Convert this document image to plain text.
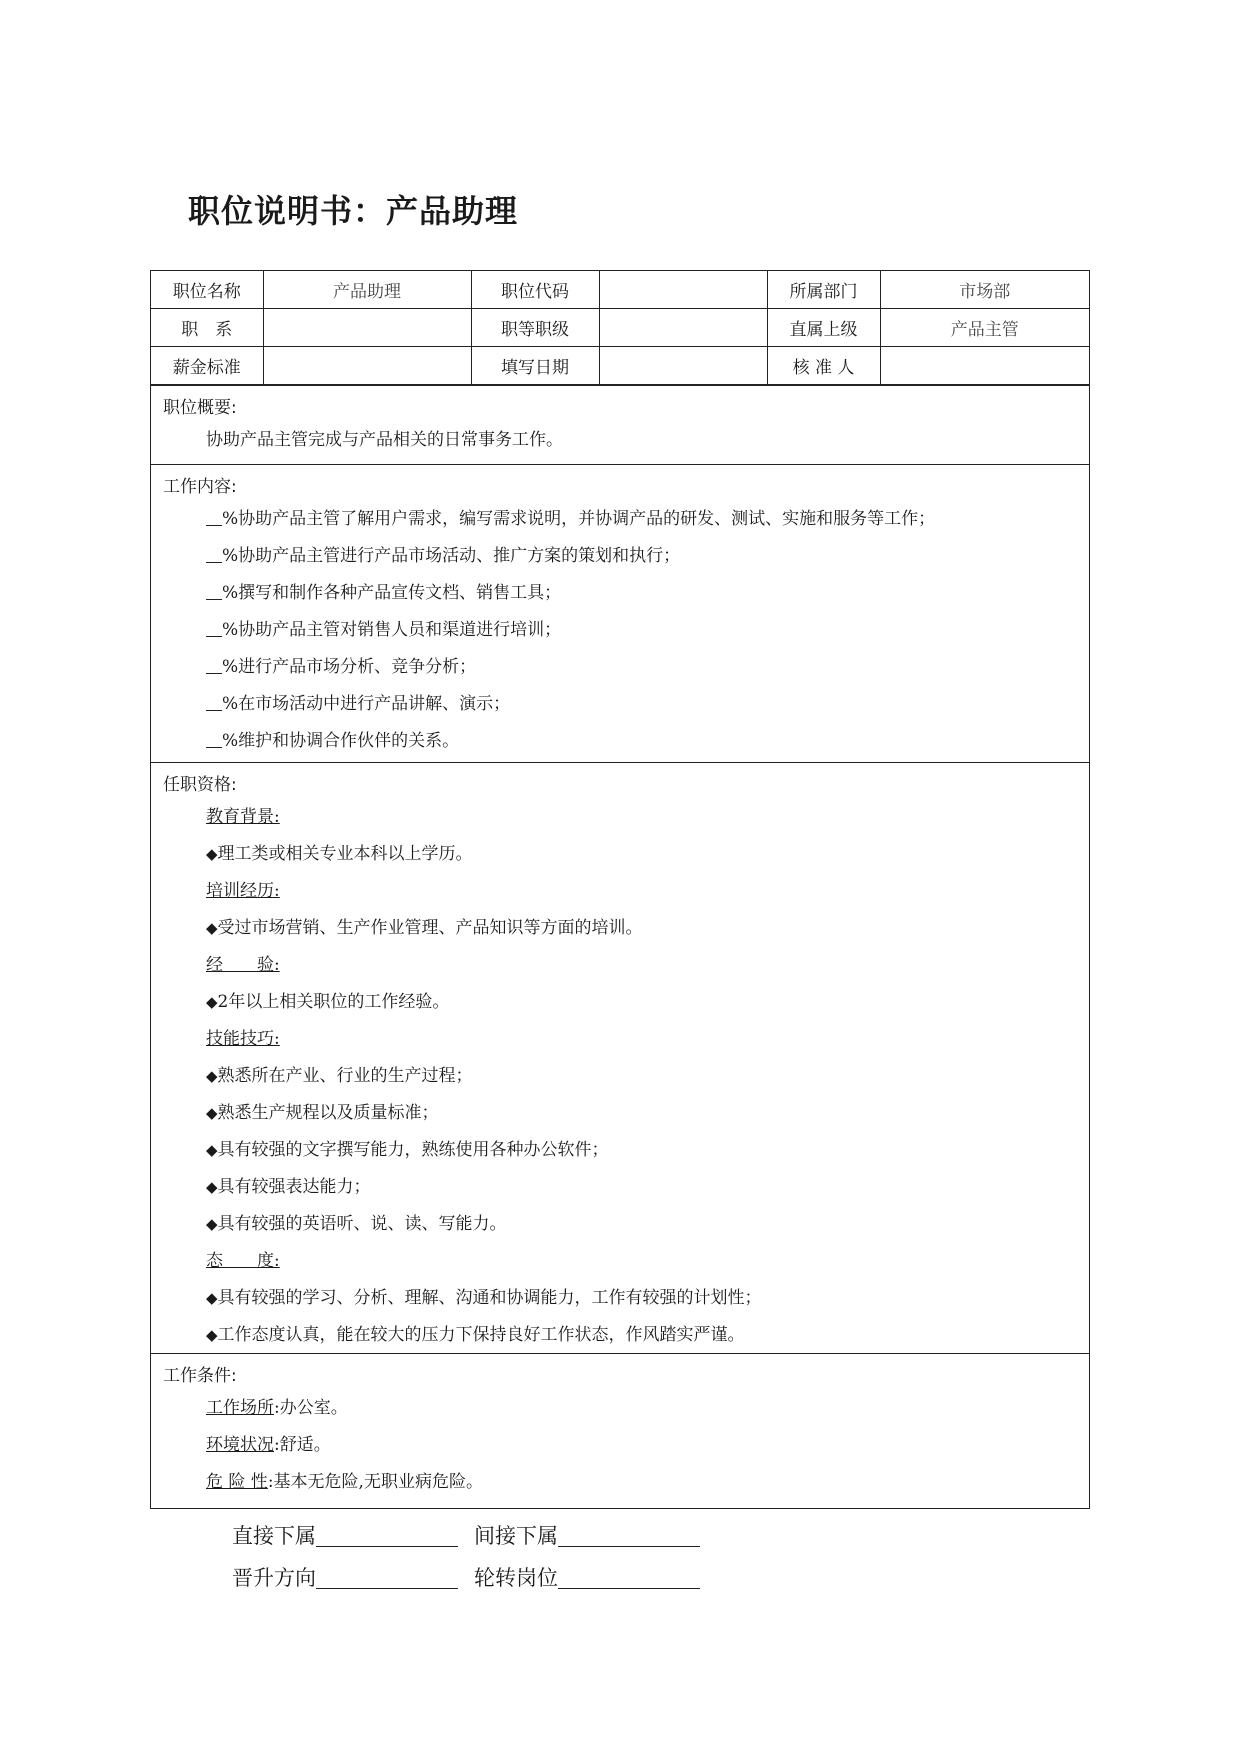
职位说明书：产品助理
职位名称	产品助理	职位代码		所属部门	市场部
职　系		职等职级		直属上级	产品主管
薪金标准		填写日期		核 准 人	
职位概要:
协助产品主管完成与产品相关的日常事务工作。
工作内容:
%协助产品主管了解用户需求，编写需求说明，并协调产品的研发、测试、实施和服务等工作；
%协助产品主管进行产品市场活动、推广方案的策划和执行；
%撰写和制作各种产品宣传文档、销售工具；
%协助产品主管对销售人员和渠道进行培训；
%进行产品市场分析、竞争分析；
%在市场活动中进行产品讲解、演示；
%维护和协调合作伙伴的关系。
任职资格:
教育背景:
◆理工类或相关专业本科以上学历。
培训经历:
◆受过市场营销、生产作业管理、产品知识等方面的培训。
经　　验:
◆2年以上相关职位的工作经验。
技能技巧:
◆熟悉所在产业、行业的生产过程；
◆熟悉生产规程以及质量标准；
◆具有较强的文字撰写能力，熟练使用各种办公软件；
◆具有较强表达能力；
◆具有较强的英语听、说、读、写能力。
态　　度:
◆具有较强的学习、分析、理解、沟通和协调能力，工作有较强的计划性；
◆工作态度认真，能在较大的压力下保持良好工作状态，作风踏实严谨。
工作条件:
工作场所:办公室。
环境状况:舒适。
危 险 性:基本无危险,无职业病危险。
直接下属	间接下属
晋升方向	轮转岗位
